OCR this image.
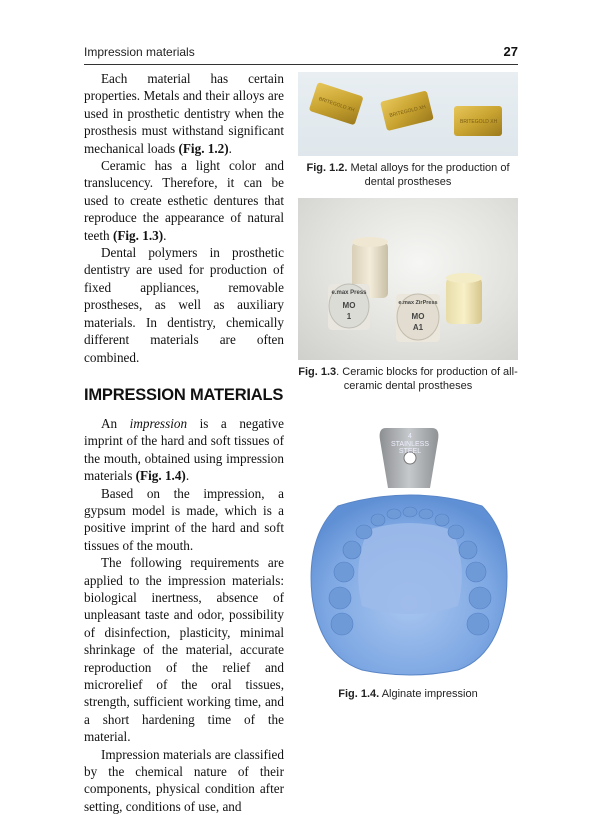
Impression materials	27

Each material has certain properties. Metals and their alloys are used in prosthetic dentistry when the prosthesis must withstand significant mechanical loads (Fig. 1.2).

Ceramic has a light color and translucency. Therefore, it can be used to create esthetic dentures that reproduce the appearance of natural teeth (Fig. 1.3).

Dental polymers in prosthetic dentistry are used for production of fixed appliances, removable prostheses, as well as auxiliary materials. In dentistry, chemically different materials are often combined.

IMPRESSION MATERIALS

An impression is a negative imprint of the hard and soft tissues of the mouth, obtained using impression materials (Fig. 1.4).

Based on the impression, a gypsum model is made, which is a positive imprint of the hard and soft tissues of the mouth.

The following requirements are applied to the impression materials: biological inertness, absence of unpleasant taste and odor, possibility of disinfection, plasticity, minimal shrinkage of the material, accurate reproduction of the relief and microrelief of the oral tissues, strength, sufficient working time, and a short hardening time of the material.

Impression materials are classified by the chemical nature of their components, physical condition after setting, conditions of use, and

BRITEGOLD XH	BRITEGOLD XH
BRITEGOLD XH
Fig. 1.2. Metal alloys for the production of dental prostheses
e.max Press
MO
1
e.max ZirPress
MO
A1
Fig. 1.3. Ceramic blocks for production of all-ceramic dental prostheses
4
STAINLESS
STEEL
Fig. 1.4. Alginate impression
